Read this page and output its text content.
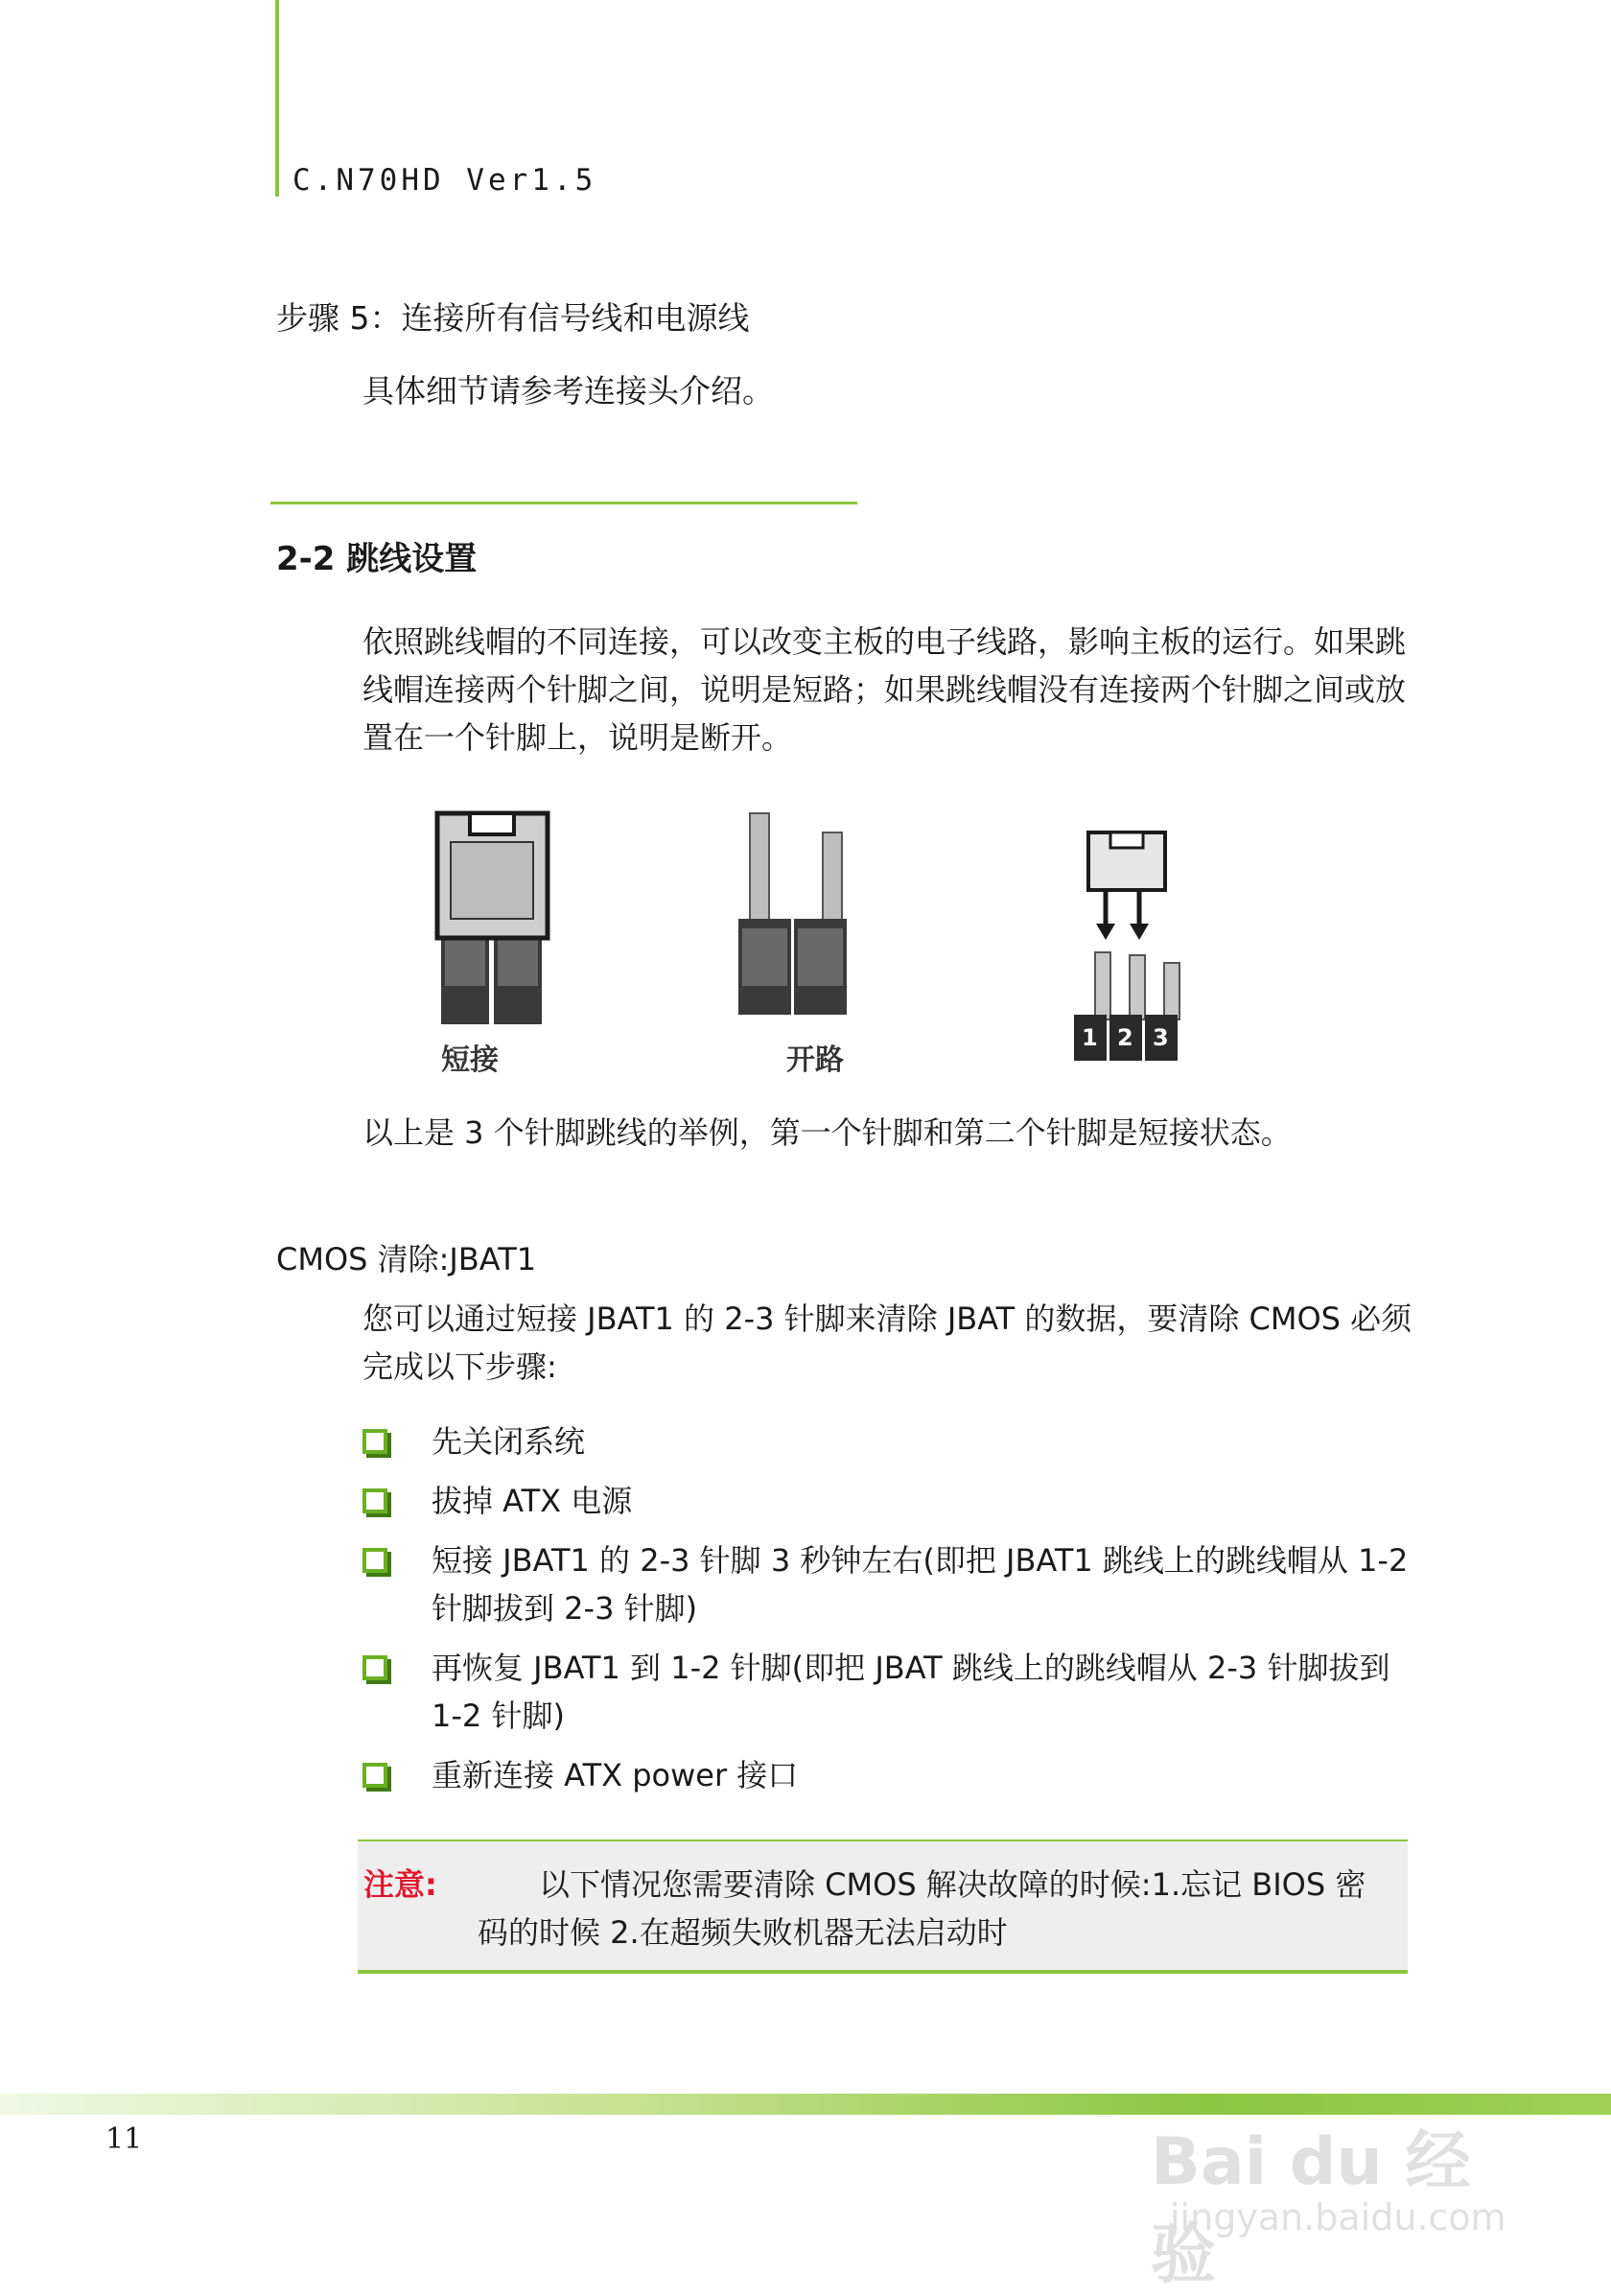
C.N70HD Ver1.5
步骤 5：连接所有信号线和电源线
具体细节请参考连接头介绍。
2-2 跳线设置
依照跳线帽的不同连接，可以改变主板的电子线路，影响主板的运行。如果跳线帽连接两个针脚之间，说明是短路；如果跳线帽没有连接两个针脚之间或放置在一个针脚上，说明是断开。
短接	开路
1 2 3
以上是 3 个针脚跳线的举例，第一个针脚和第二个针脚是短接状态。
CMOS 清除:JBAT1
您可以通过短接 JBAT1 的 2-3 针脚来清除 JBAT 的数据，要清除 CMOS 必须完成以下步骤:
先关闭系统
拔掉 ATX 电源
短接 JBAT1 的 2-3 针脚 3 秒钟左右(即把 JBAT1 跳线上的跳线帽从 1-2 针脚拔到 2-3 针脚)
再恢复 JBAT1 到 1-2 针脚(即把 JBAT 跳线上的跳线帽从 2-3 针脚拔到 1-2 针脚)
重新连接 ATX power 接口
注意:	以下情况您需要清除 CMOS 解决故障的时候:1.忘记 BIOS 密码的时候 2.在超频失败机器无法启动时
11	Bai du 经验
jingyan.baidu.com
